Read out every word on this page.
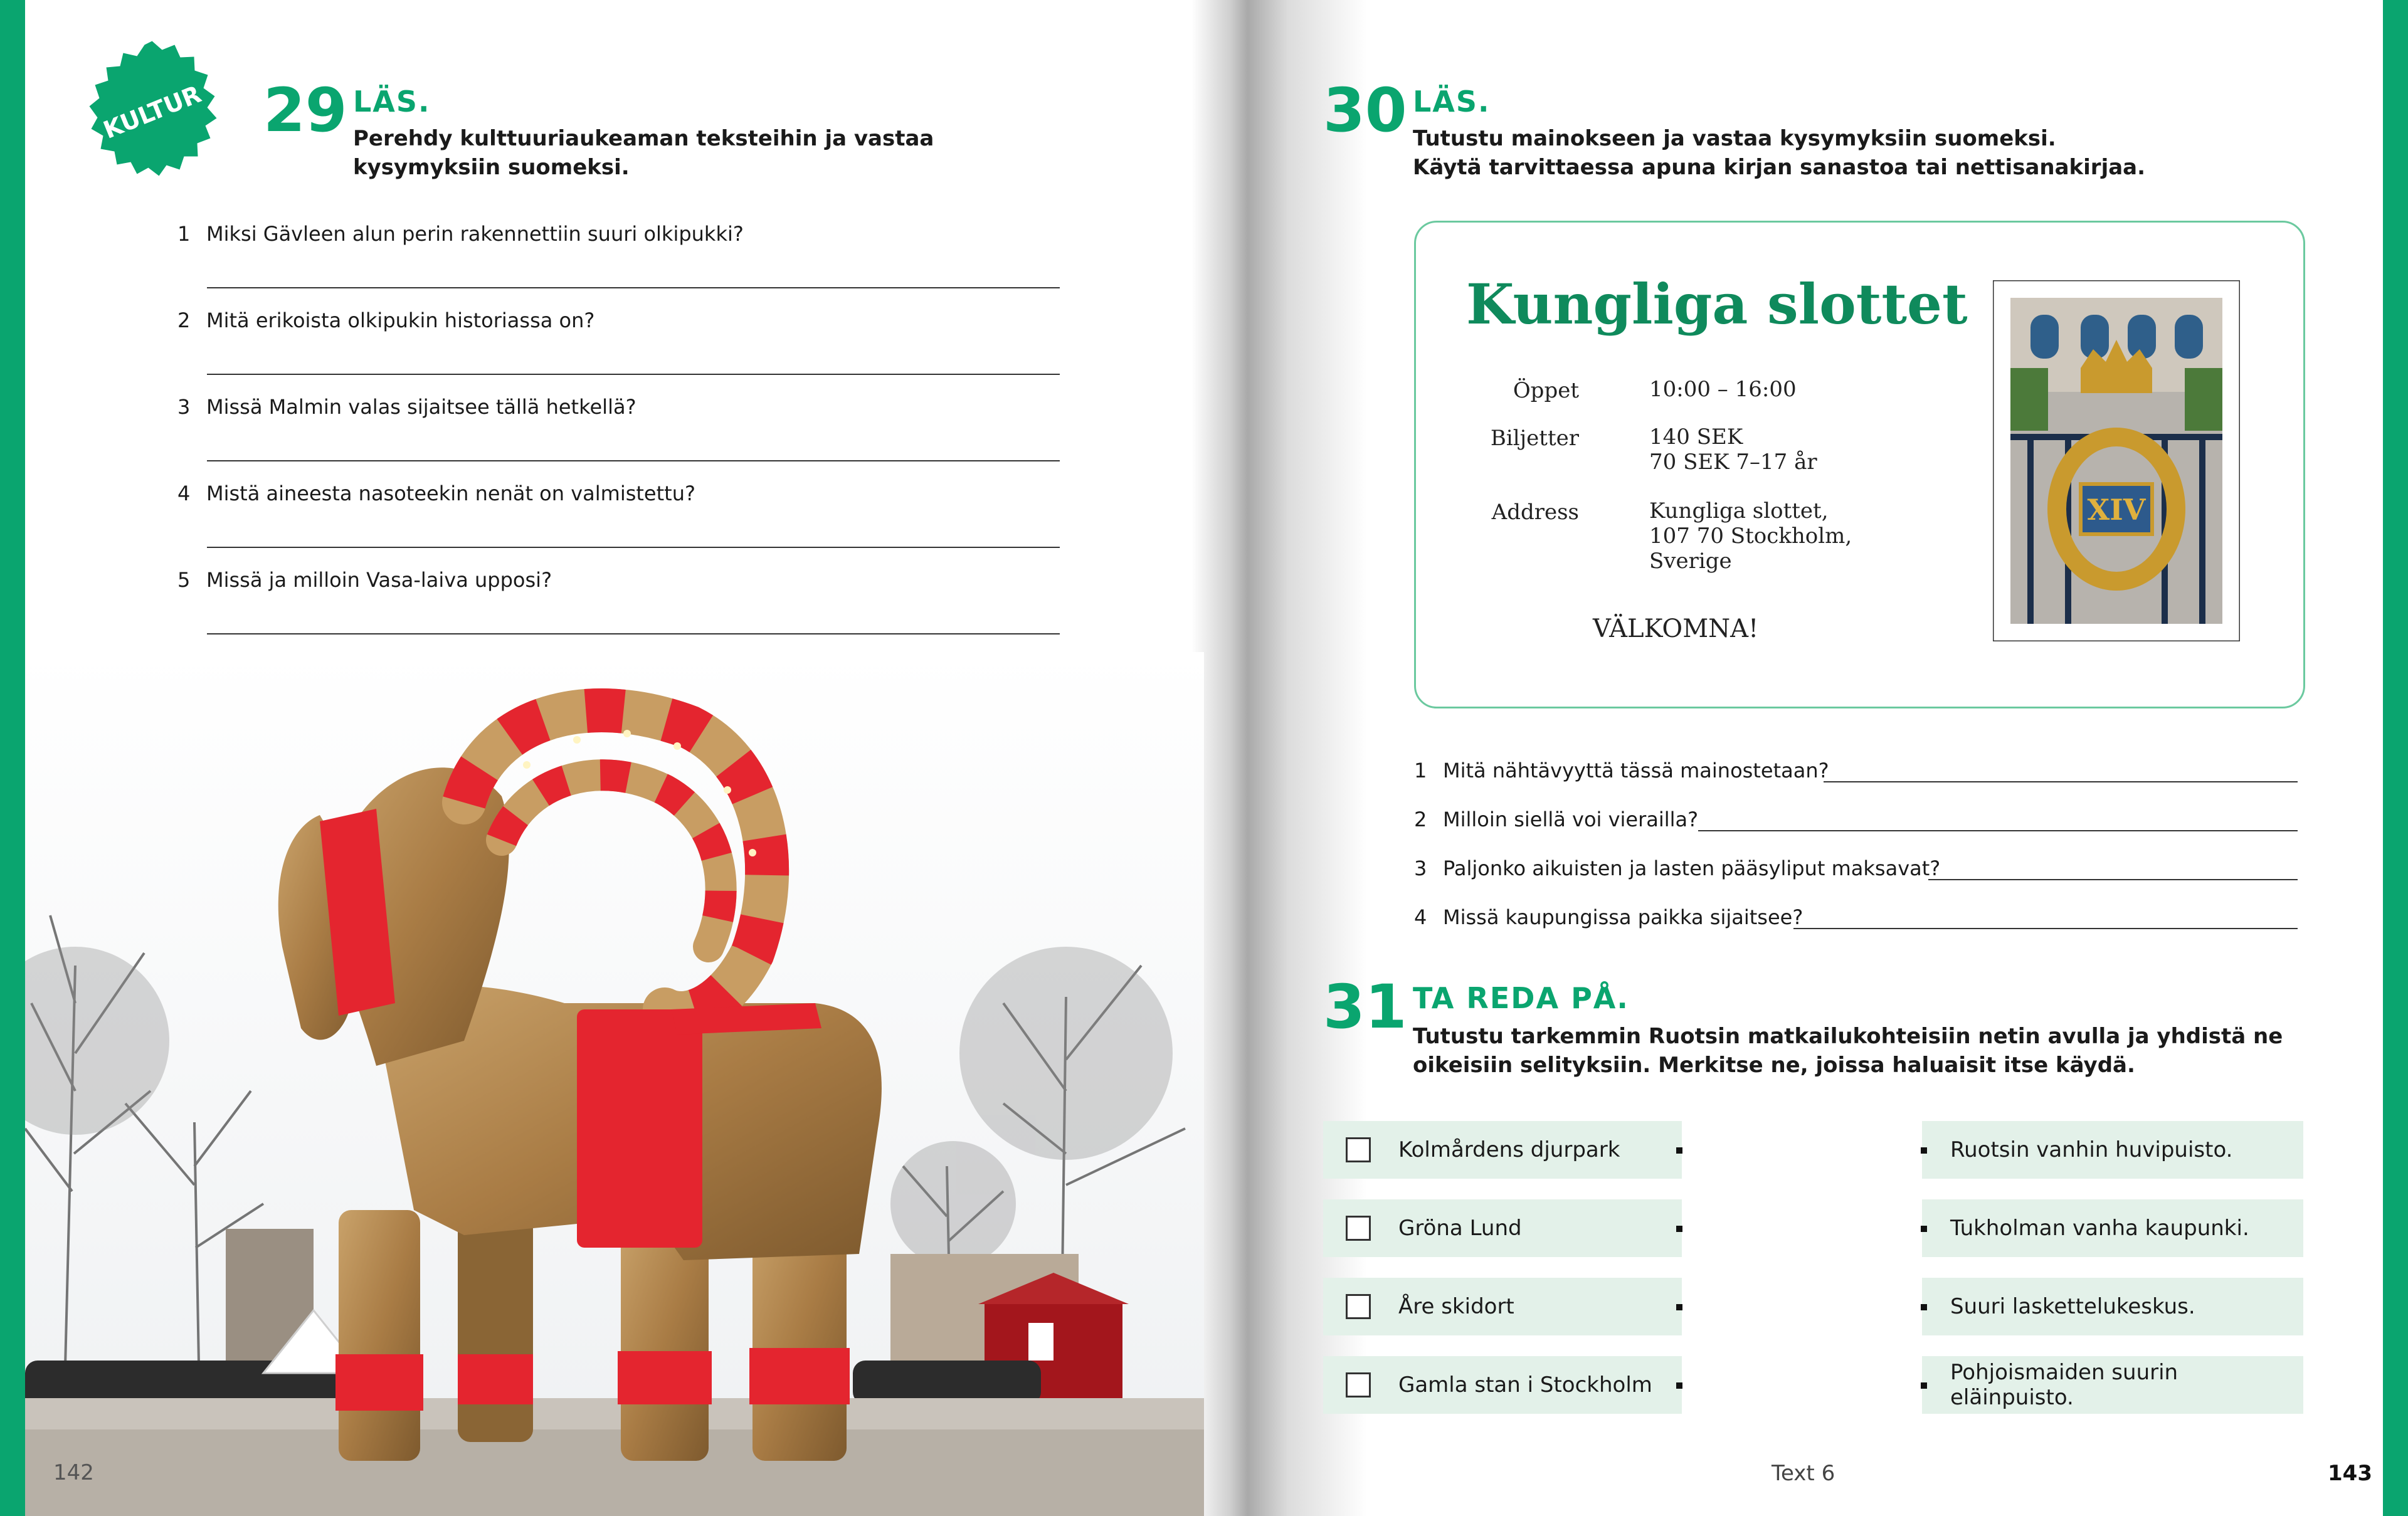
KULTUR 29 LÄS.
Perehdy kulttuuriaukeaman teksteihin ja vastaa
kysymyksiin suomeksi.
1 Miksi Gävleen alun perin rakennettiin suuri olkipukki?
2 Mitä erikoista olkipukin historiassa on?
3 Missä Malmin valas sijaitsee tällä hetkellä?
4 Mistä aineesta nasoteekin nenät on valmistettu?
5 Missä ja milloin Vasa-laiva upposi?
142
30 LÄS.
Tutustu mainokseen ja vastaa kysymyksiin suomeksi.
Käytä tarvittaessa apuna kirjan sanastoa tai nettisanakirjaa.
Kungliga slottet
Öppet	10:00 – 16:00
Biljetter	140 SEK
70 SEK 7–17 år
Address	Kungliga slottet,
107 70 Stockholm,
Sverige
VÄLKOMNA!
XIV
1 Mitä nähtävyyttä tässä mainostetaan?
2 Milloin siellä voi vierailla?
3 Paljonko aikuisten ja lasten pääsyliput maksavat?
4 Missä kaupungissa paikka sijaitsee?
31 TA REDA PÅ.
Tutustu tarkemmin Ruotsin matkailukohteisiin netin avulla ja yhdistä ne
oikeisiin selityksiin. Merkitse ne, joissa haluaisit itse käydä.
Kolmårdens djurpark
Gröna Lund
Åre skidort
Gamla stan i Stockholm
Ruotsin vanhin huvipuisto.
Tukholman vanha kaupunki.
Suuri laskettelukeskus.
Pohjoismaiden suurin eläinpuisto.
Text 6	143
